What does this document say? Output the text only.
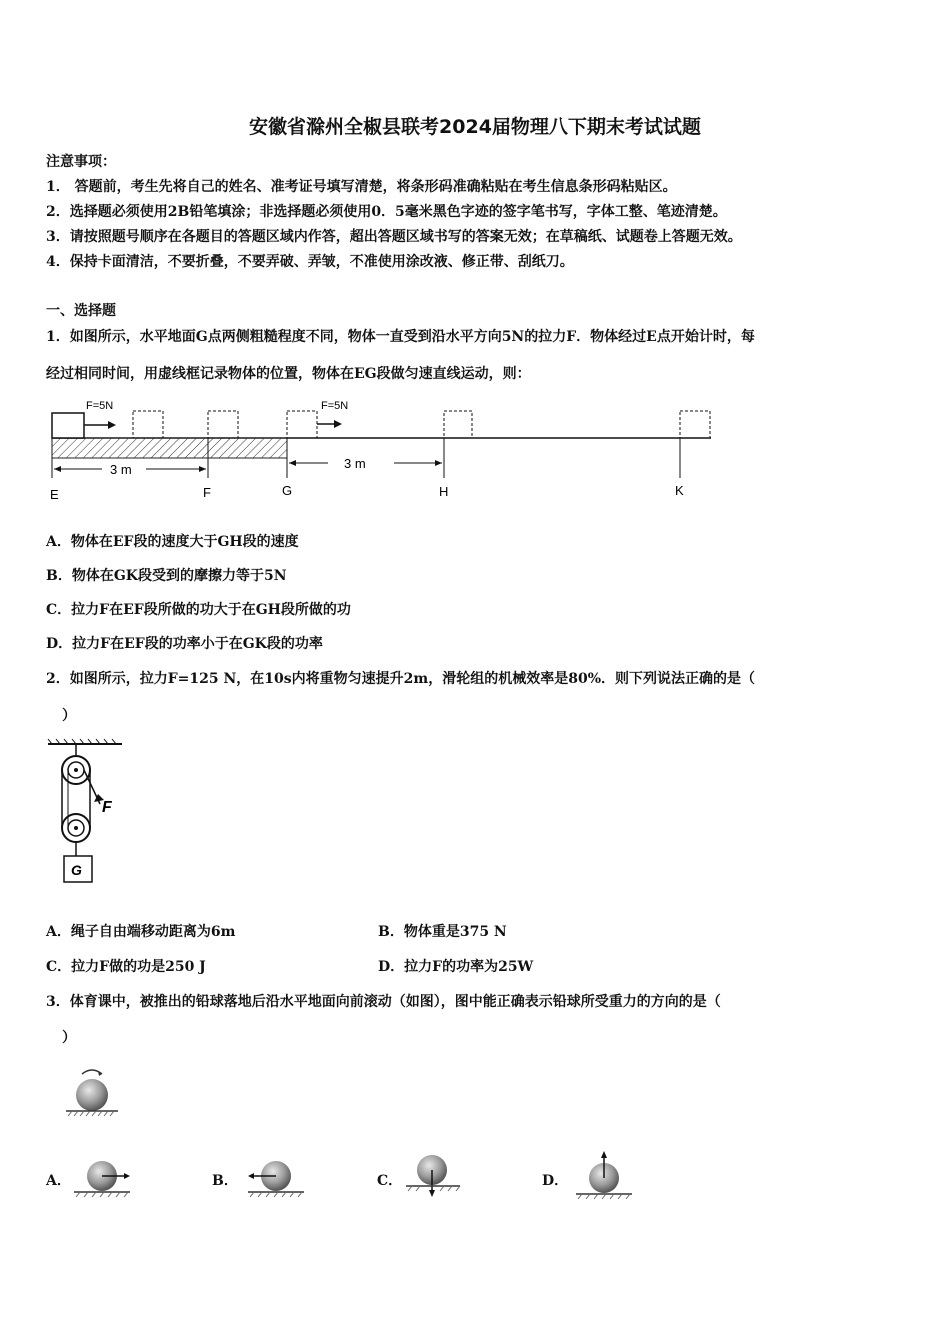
安徽省滁州全椒县联考2024届物理八下期末考试试题
注意事项：
1． 答题前，考生先将自己的姓名、准考证号填写清楚，将条形码准确粘贴在考生信息条形码粘贴区。
2．选择题必须使用2B铅笔填涂；非选择题必须使用0．5毫米黑色字迹的签字笔书写，字体工整、笔迹清楚。
3．请按照题号顺序在各题目的答题区域内作答，超出答题区域书写的答案无效；在草稿纸、试题卷上答题无效。
4．保持卡面清洁，不要折叠，不要弄破、弄皱，不准使用涂改液、修正带、刮纸刀。
一、选择题
1．如图所示，水平地面G点两侧粗糙程度不同，物体一直受到沿水平方向5N的拉力F．物体经过E点开始计时，每
经过相同时间，用虚线框记录物体的位置，物体在EG段做匀速直线运动，则：
F=5N	F=5N
3 m	3 m
E	F	G	H	K
A．物体在EF段的速度大于GH段的速度
B．物体在GK段受到的摩擦力等于5N
C．拉力F在EF段所做的功大于在GH段所做的功
D．拉力F在EF段的功率小于在GK段的功率
2．如图所示，拉力F=125 N，在10s内将重物匀速提升2m，滑轮组的机械效率是80%．则下列说法正确的是（
）
F
G
A．绳子自由端移动距离为6m	B．物体重是375 N
C．拉力F做的功是250 J	D．拉力F的功率为25W
3．体育课中，被推出的铅球落地后沿水平地面向前滚动（如图），图中能正确表示铅球所受重力的方向的是（
）
A．	B．	C．	D．
